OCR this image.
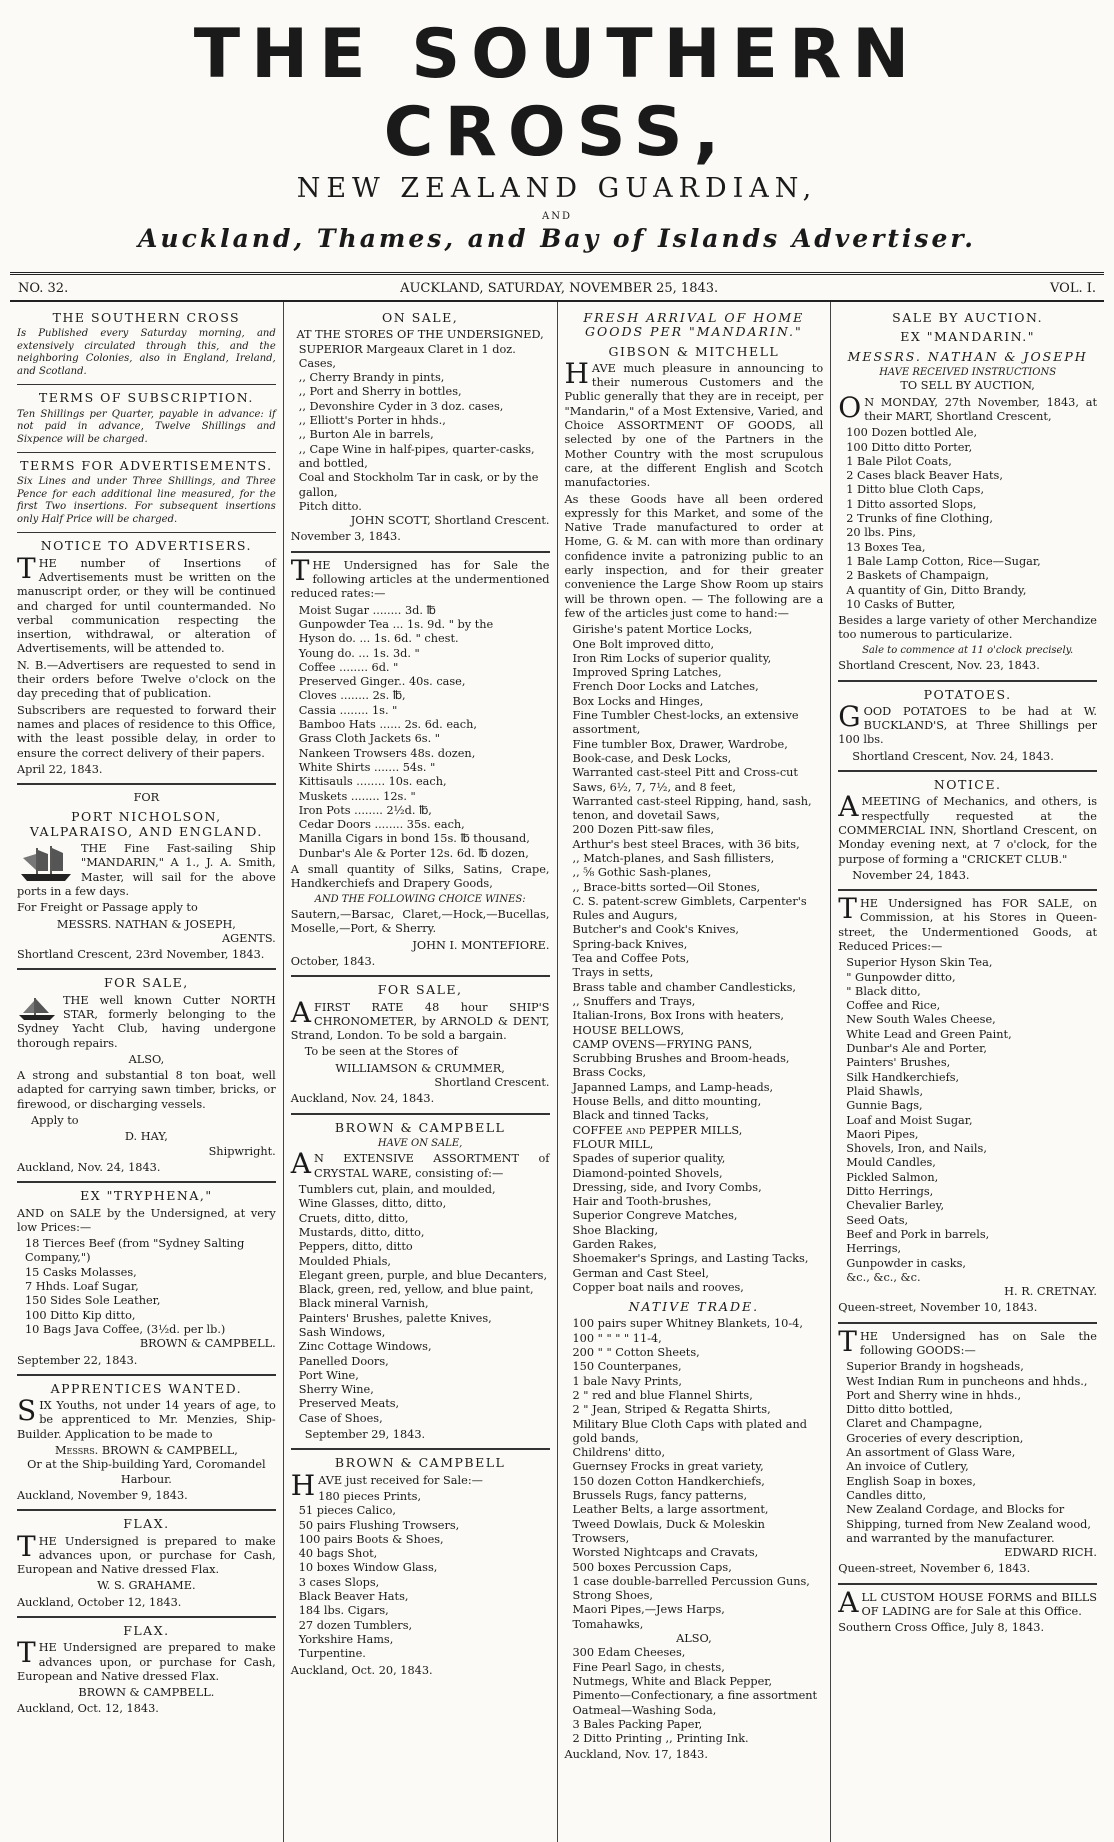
THE SOUTHERN CROSS,
NEW ZEALAND GUARDIAN,
AND
Auckland, Thames, and Bay of Islands Advertiser.
NO. 32.	AUCKLAND, SATURDAY, NOVEMBER 25, 1843.	VOL. I.
THE SOUTHERN CROSS

Is Published every Saturday morning, and extensively circulated through this, and the neighboring Colonies, also in England, Ireland, and Scotland.

TERMS OF SUBSCRIPTION.

Ten Shillings per Quarter, payable in advance: if not paid in advance, Twelve Shillings and Sixpence will be charged.

TERMS FOR ADVERTISEMENTS.

Six Lines and under Three Shillings, and Three Pence for each additional line measured, for the first Two insertions. For subsequent insertions only Half Price will be charged.

NOTICE TO ADVERTISERS.

THE number of Insertions of Advertisements must be written on the manuscript order, or they will be continued and charged for until countermanded. No verbal communication respecting the insertion, withdrawal, or alteration of Advertisements, will be attended to.

N. B.—Advertisers are requested to send in their orders before Twelve o'clock on the day preceding that of publication.

Subscribers are requested to forward their names and places of residence to this Office, with the least possible delay, in order to ensure the correct delivery of their papers.

April 22, 1843.

FOR
PORT NICHOLSON, VALPARAISO, AND ENGLAND.

THE Fine Fast-sailing Ship "MANDARIN," A 1., J. A. Smith, Master, will sail for the above ports in a few days.

For Freight or Passage apply to

MESSRS. NATHAN & JOSEPH,
AGENTS.

Shortland Crescent, 23rd November, 1843.

FOR SALE,

THE well known Cutter NORTH STAR, formerly belonging to the Sydney Yacht Club, having undergone thorough repairs.

ALSO,

A strong and substantial 8 ton boat, well adapted for carrying sawn timber, bricks, or firewood, or discharging vessels.

Apply to

D. HAY,
Shipwright.

Auckland, Nov. 24, 1843.

EX "TRYPHENA,"

AND on SALE by the Undersigned, at very low Prices:—

18 Tierces Beef (from "Sydney Salting Company,")
15 Casks Molasses,
7 Hhds. Loaf Sugar,
150 Sides Sole Leather,
100 Ditto Kip ditto,
10 Bags Java Coffee, (3½d. per lb.)
BROWN & CAMPBELL.

September 22, 1843.

APPRENTICES WANTED.

SIX Youths, not under 14 years of age, to be apprenticed to Mr. Menzies, Ship-Builder. Application to be made to

Messrs. BROWN & CAMPBELL,
Or at the Ship-building Yard, Coromandel Harbour.

Auckland, November 9, 1843.

FLAX.

THE Undersigned is prepared to make advances upon, or purchase for Cash, European and Native dressed Flax.

W. S. GRAHAME.

Auckland, October 12, 1843.

FLAX.

THE Undersigned are prepared to make advances upon, or purchase for Cash, European and Native dressed Flax.

BROWN & CAMPBELL.

Auckland, Oct. 12, 1843.

ON SALE,
AT THE STORES OF THE UNDERSIGNED,
SUPERIOR Margeaux Claret in 1 doz. Cases,
,, Cherry Brandy in pints,
,, Port and Sherry in bottles,
,, Devonshire Cyder in 3 doz. cases,
,, Elliott's Porter in hhds.,
,, Burton Ale in barrels,
,, Cape Wine in half-pipes, quarter-casks, and bottled,
Coal and Stockholm Tar in cask, or by the gallon,
Pitch ditto.
JOHN SCOTT, Shortland Crescent.

November 3, 1843.

THE Undersigned has for Sale the following articles at the undermentioned reduced rates:—

Moist Sugar ........ 3d. ℔
Gunpowder Tea ... 1s. 9d. " by the
Hyson do. ... 1s. 6d. " chest.
Young do. ... 1s. 3d. "
Coffee ........ 6d. "
Preserved Ginger.. 40s. case,
Cloves ........ 2s. ℔,
Cassia ........ 1s. "
Bamboo Hats ...... 2s. 6d. each,
Grass Cloth Jackets 6s. "
Nankeen Trowsers 48s. dozen,
White Shirts ....... 54s. "
Kittisauls ........ 10s. each,
Muskets ........ 12s. "
Iron Pots ........ 2½d. ℔,
Cedar Doors ........ 35s. each,
Manilla Cigars in bond 15s. ℔ thousand,
Dunbar's Ale & Porter 12s. 6d. ℔ dozen,

A small quantity of Silks, Satins, Crape, Handkerchiefs and Drapery Goods,

AND THE FOLLOWING CHOICE WINES:

Sautern,—Barsac, Claret,—Hock,—Bucellas, Moselle,—Port, & Sherry.

JOHN I. MONTEFIORE.

October, 1843.

FOR SALE,

AFIRST RATE 48 hour SHIP'S CHRONOMETER, by ARNOLD & DENT, Strand, London. To be sold a bargain.

To be seen at the Stores of

WILLIAMSON & CRUMMER,
Shortland Crescent.

Auckland, Nov. 24, 1843.

BROWN & CAMPBELL
HAVE ON SALE,

AN EXTENSIVE ASSORTMENT of CRYSTAL WARE, consisting of:—

Tumblers cut, plain, and moulded,
Wine Glasses, ditto, ditto,
Cruets, ditto, ditto,
Mustards, ditto, ditto,
Peppers, ditto, ditto
Moulded Phials,
Elegant green, purple, and blue Decanters,
Black, green, red, yellow, and blue paint,
Black mineral Varnish,
Painters' Brushes, palette Knives,
Sash Windows,
Zinc Cottage Windows,
Panelled Doors,
Port Wine,
Sherry Wine,
Preserved Meats,
Case of Shoes,

September 29, 1843.

BROWN & CAMPBELL

HAVE just received for Sale:—

180 pieces Prints,
51 pieces Calico,
50 pairs Flushing Trowsers,
100 pairs Boots & Shoes,
40 bags Shot,
10 boxes Window Glass,
3 cases Slops,
Black Beaver Hats,
184 lbs. Cigars,
27 dozen Tumblers,
Yorkshire Hams,
Turpentine.

Auckland, Oct. 20, 1843.

FRESH ARRIVAL OF HOME GOODS PER "MANDARIN."
GIBSON & MITCHELL

HAVE much pleasure in announcing to their numerous Customers and the Public generally that they are in receipt, per "Mandarin," of a Most Extensive, Varied, and Choice ASSORTMENT OF GOODS, all selected by one of the Partners in the Mother Country with the most scrupulous care, at the different English and Scotch manufactories.

As these Goods have all been ordered expressly for this Market, and some of the Native Trade manufactured to order at Home, G. & M. can with more than ordinary confidence invite a patronizing public to an early inspection, and for their greater convenience the Large Show Room up stairs will be thrown open. — The following are a few of the articles just come to hand:—

Girishe's patent Mortice Locks,
One Bolt improved ditto,
Iron Rim Locks of superior quality,
Improved Spring Latches,
French Door Locks and Latches,
Box Locks and Hinges,
Fine Tumbler Chest-locks, an extensive assortment,
Fine tumbler Box, Drawer, Wardrobe, Book-case, and Desk Locks,
Warranted cast-steel Pitt and Cross-cut Saws, 6½, 7, 7½, and 8 feet,
Warranted cast-steel Ripping, hand, sash, tenon, and dovetail Saws,
200 Dozen Pitt-saw files,
Arthur's best steel Braces, with 36 bits,
,, Match-planes, and Sash fillisters,
,, ⅝ Gothic Sash-planes,
,, Brace-bitts sorted—Oil Stones,
C. S. patent-screw Gimblets, Carpenter's Rules and Augurs,
Butcher's and Cook's Knives,
Spring-back Knives,
Tea and Coffee Pots,
Trays in setts,
Brass table and chamber Candlesticks,
,, Snuffers and Trays,
Italian-Irons, Box Irons with heaters,
HOUSE BELLOWS,
CAMP OVENS—FRYING PANS,
Scrubbing Brushes and Broom-heads,
Brass Cocks,
Japanned Lamps, and Lamp-heads,
House Bells, and ditto mounting,
Black and tinned Tacks,
COFFEE and PEPPER MILLS,
FLOUR MILL,
Spades of superior quality,
Diamond-pointed Shovels,
Dressing, side, and Ivory Combs,
Hair and Tooth-brushes,
Superior Congreve Matches,
Shoe Blacking,
Garden Rakes,
Shoemaker's Springs, and Lasting Tacks,
German and Cast Steel,
Copper boat nails and rooves,
NATIVE TRADE.
100 pairs super Whitney Blankets, 10-4,
100 " " " " 11-4,
200 " " Cotton Sheets,
150 Counterpanes,
1 bale Navy Prints,
2 " red and blue Flannel Shirts,
2 " Jean, Striped & Regatta Shirts,
Military Blue Cloth Caps with plated and gold bands,
Childrens' ditto,
Guernsey Frocks in great variety,
150 dozen Cotton Handkerchiefs,
Brussels Rugs, fancy patterns,
Leather Belts, a large assortment,
Tweed Dowlais, Duck & Moleskin Trowsers,
Worsted Nightcaps and Cravats,
500 boxes Percussion Caps,
1 case double-barrelled Percussion Guns,
Strong Shoes,
Maori Pipes,—Jews Harps,
Tomahawks,
ALSO,
300 Edam Cheeses,
Fine Pearl Sago, in chests,
Nutmegs, White and Black Pepper,
Pimento—Confectionary, a fine assortment
Oatmeal—Washing Soda,
3 Bales Packing Paper,
2 Ditto Printing ,, Printing Ink.

Auckland, Nov. 17, 1843.

SALE BY AUCTION.
EX "MANDARIN."
MESSRS. NATHAN & JOSEPH
HAVE RECEIVED INSTRUCTIONS
TO SELL BY AUCTION,

ON MONDAY, 27th November, 1843, at their MART, Shortland Crescent,

100 Dozen bottled Ale,
100 Ditto ditto Porter,
1 Bale Pilot Coats,
2 Cases black Beaver Hats,
1 Ditto blue Cloth Caps,
1 Ditto assorted Slops,
2 Trunks of fine Clothing,
20 lbs. Pins,
13 Boxes Tea,
1 Bale Lamp Cotton, Rice—Sugar,
2 Baskets of Champaign,
A quantity of Gin, Ditto Brandy,
10 Casks of Butter,

Besides a large variety of other Merchandize too numerous to particularize.

Sale to commence at 11 o'clock precisely.

Shortland Crescent, Nov. 23, 1843.

POTATOES.

GOOD POTATOES to be had at W. BUCKLAND'S, at Three Shillings per 100 lbs.

Shortland Crescent, Nov. 24, 1843.

NOTICE.

AMEETING of Mechanics, and others, is respectfully requested at the COMMERCIAL INN, Shortland Crescent, on Monday evening next, at 7 o'clock, for the purpose of forming a "CRICKET CLUB."

November 24, 1843.

THE Undersigned has FOR SALE, on Commission, at his Stores in Queen-street, the Undermentioned Goods, at Reduced Prices:—

Superior Hyson Skin Tea,
" Gunpowder ditto,
" Black ditto,
Coffee and Rice,
New South Wales Cheese,
White Lead and Green Paint,
Dunbar's Ale and Porter,
Painters' Brushes,
Silk Handkerchiefs,
Plaid Shawls,
Gunnie Bags,
Loaf and Moist Sugar,
Maori Pipes,
Shovels, Iron, and Nails,
Mould Candles,
Pickled Salmon,
Ditto Herrings,
Chevalier Barley,
Seed Oats,
Beef and Pork in barrels,
Herrings,
Gunpowder in casks,
&c., &c., &c.
H. R. CRETNAY.

Queen-street, November 10, 1843.

THE Undersigned has on Sale the following GOODS:—

Superior Brandy in hogsheads,
West Indian Rum in puncheons and hhds.,
Port and Sherry wine in hhds.,
Ditto ditto bottled,
Claret and Champagne,
Groceries of every description,
An assortment of Glass Ware,
An invoice of Cutlery,
English Soap in boxes,
Candles ditto,
New Zealand Cordage, and Blocks for Shipping, turned from New Zealand wood, and warranted by the manufacturer.
EDWARD RICH.

Queen-street, November 6, 1843.

ALL CUSTOM HOUSE FORMS and BILLS OF LADING are for Sale at this Office.

Southern Cross Office, July 8, 1843.
